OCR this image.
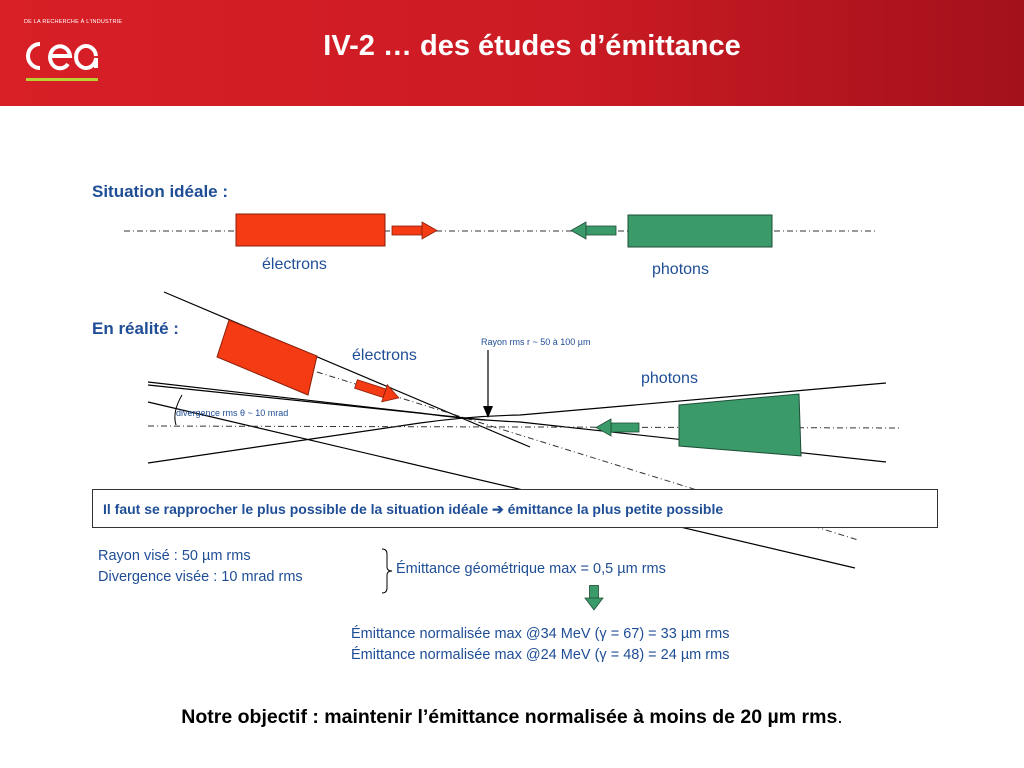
DE LA RECHERCHE À L'INDUSTRIE
IV-2 … des études d’émittance
Situation idéale :
électrons	photons
En réalité :
électrons
photons
Rayon rms r ~ 50 à 100 µm
divergence rms θ ~ 10 mrad
Il faut se rapprocher le plus possible de la situation idéale ➔ émittance la plus petite possible
Rayon visé : 50 µm rms
Divergence visée : 10 mrad rms	Émittance géométrique max = 0,5 µm rms
Émittance normalisée max @34 MeV (γ = 67) = 33 µm rms
Émittance normalisée max @24 MeV (γ = 48) = 24 µm rms
Notre objectif : maintenir l’émittance normalisée à moins de 20 µm rms.
